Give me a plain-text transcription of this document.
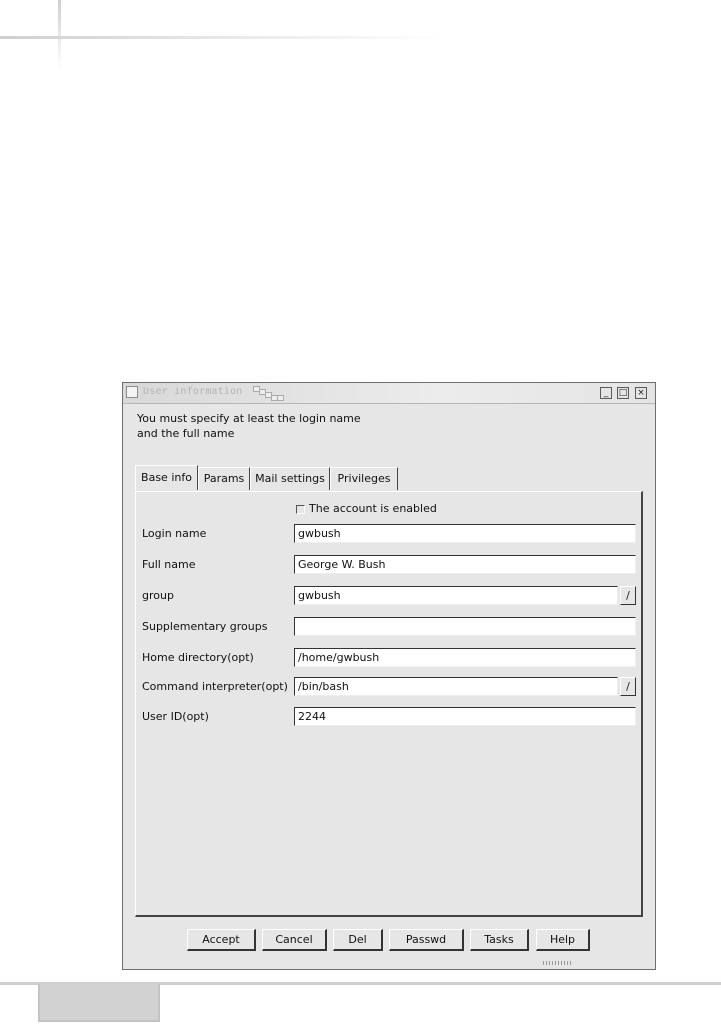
User information	_	□ ×
You must specify at least the login name
and the full name
Base info	Params Mail settings	Privileges
The account is enabled
Login name	gwbush
Full name	George W. Bush
group	gwbush	/
Supplementary groups
Home directory(opt)	/home/gwbush
Command interpreter(opt) /bin/bash	/
User ID(opt)	2244
Accept	Cancel	Del	Passwd	Tasks	Help
